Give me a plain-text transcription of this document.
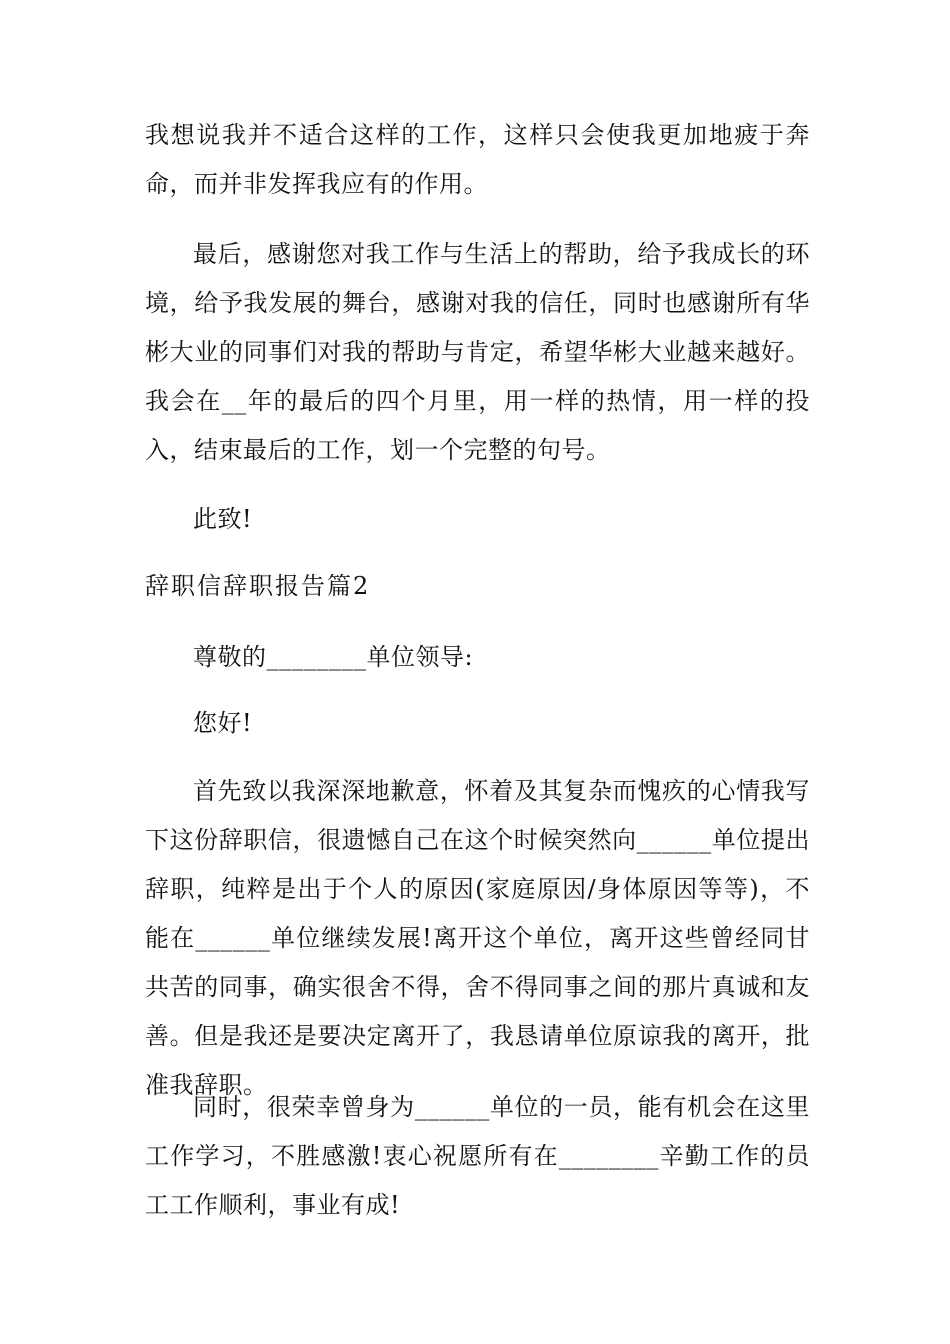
我想说我并不适合这样的工作，这样只会使我更加地疲于奔命，而并非发挥我应有的作用。

最后，感谢您对我工作与生活上的帮助，给予我成长的环境，给予我发展的舞台，感谢对我的信任，同时也感谢所有华彬大业的同事们对我的帮助与肯定，希望华彬大业越来越好。我会在__年的最后的四个月里，用一样的热情，用一样的投入，结束最后的工作，划一个完整的句号。

此致!

辞职信辞职报告篇2

尊敬的________单位领导:

您好!

首先致以我深深地歉意，怀着及其复杂而愧疚的心情我写下这份辞职信，很遗憾自己在这个时候突然向______单位提出辞职，纯粹是出于个人的原因(家庭原因/身体原因等等)，不能在______单位继续发展!离开这个单位，离开这些曾经同甘共苦的同事，确实很舍不得，舍不得同事之间的那片真诚和友善。但是我还是要决定离开了，我恳请单位原谅我的离开，批准我辞职。

同时，很荣幸曾身为______单位的一员，能有机会在这里工作学习，不胜感激!衷心祝愿所有在________辛勤工作的员工工作顺利，事业有成!
